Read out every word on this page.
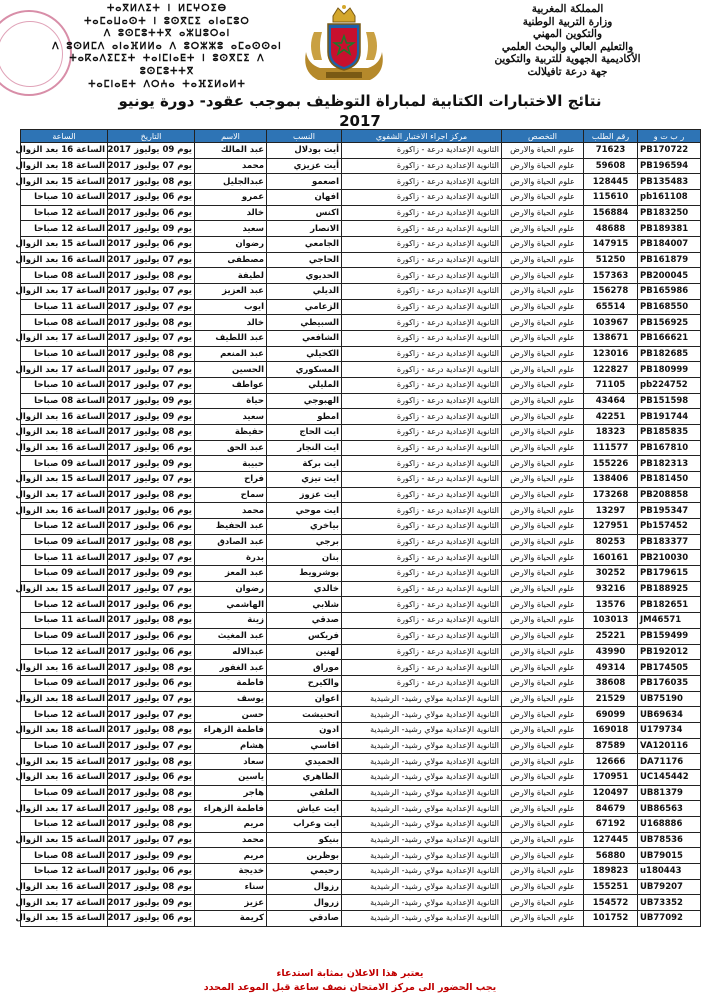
ⵜⴰⴳⵍⴷⵉⵜ ⵏ ⵍⵎⵖⵔⵉⴱ
ⵜⴰⵎⴰⵡⴰⵙⵜ ⵏ ⵓⵙⴳⵎⵉ ⴰⵏⴰⵎⵓⵔ
ⴷ ⵓⵙⵎⵓⵜⵜⴳ ⴰⵣⵡⵓⵔⴰⵏ
ⴷ ⵓⵙⵍⵎⴷ ⴰⵏⴰⴼⵍⵍⴰ ⴷ ⵓⵔⵣⵣⵓ ⴰⵎⴰⵙⵙⴰⵏ
ⵜⴰⴽⴰⴷⵉⵎⵉⵜ ⵜⴰⵏⵎⵏⴰⴹⵜ ⵏ ⵓⵙⴳⵎⵉ ⴷ ⵓⵙⵎⵓⵜⵜⴳ
ⵜⴰⵎⵏⴰⴹⵜ ⴷⵔⵄⴰ ⵜⴰⴼⵉⵍⴰⵍⵜ
المملكة المغربية
وزارة التربية الوطنية
والتكوين المهني
والتعليم العالي والبحث العلمي
الأكاديمية الجهوية للتربية والتكوين
جهة درعة تافيلالت
نتائج الاختبارات الكتابية لمباراة التوظيف بموجب عقود- دورة يونيو 2017
ر ب ت و	رقم الطلب	التخصص	مركز اجراء الاختبار الشفوي	النسب	الاسم	التاريخ	الساعة
PB170722	71623	علوم الحياة والارض	الثانوية الإعدادية درعة - زاكورة	أيت بودلال	عبد المالك	يوم 09 يوليوز 2017	الساعة 16 بعد الزوال
PB196594	59608	علوم الحياة والارض	الثانوية الإعدادية درعة - زاكورة	أيت عزيزي	محمد	يوم 07 يوليوز 2017	الساعة 18 بعد الزوال
PB135483	128445	علوم الحياة والارض	الثانوية الإعدادية درعة - زاكورة	اصعمو	عبدالجليل	يوم 08 يوليوز 2017	الساعة 15 بعد الزوال
pb161108	115610	علوم الحياة والارض	الثانوية الإعدادية درعة - زاكورة	افهان	عمرو	يوم 06 يوليوز 2017	الساعة 10 صباحا
PB183250	156884	علوم الحياة والارض	الثانوية الإعدادية درعة - زاكورة	اكنس	خالد	يوم 06 يوليوز 2017	الساعة 12 صباحا
PB189381	48688	علوم الحياة والارض	الثانوية الإعدادية درعة - زاكورة	الانصار	سعيد	يوم 09 يوليوز 2017	الساعة 12 صباحا
PB184007	147915	علوم الحياة والارض	الثانوية الإعدادية درعة - زاكورة	الجامعي	رضوان	يوم 06 يوليوز 2017	الساعة 15 بعد الزوال
PB161879	51250	علوم الحياة والارض	الثانوية الإعدادية درعة - زاكورة	الحاجي	مصطفى	يوم 07 يوليوز 2017	الساعة 16 بعد الزوال
PB200045	157363	علوم الحياة والارض	الثانوية الإعدادية درعة - زاكورة	الحديوي	لطيفة	يوم 08 يوليوز 2017	الساعة 08 صباحا
PB165986	156278	علوم الحياة والارض	الثانوية الإعدادية درعة - زاكورة	الديلي	عبد العزيز	يوم 07 يوليوز 2017	الساعة 17 بعد الزوال
PB168550	65514	علوم الحياة والارض	الثانوية الإعدادية درعة - زاكورة	الزعامي	ايوب	يوم 07 يوليوز 2017	الساعة 11 صباحا
PB156925	103967	علوم الحياة والارض	الثانوية الإعدادية درعة - زاكورة	السبيطي	خالد	يوم 08 يوليوز 2017	الساعة 08 صباحا
PB166621	138671	علوم الحياة والارض	الثانوية الإعدادية درعة - زاكورة	الشافعي	عبد اللطيف	يوم 07 يوليوز 2017	الساعة 17 بعد الزوال
PB182685	123016	علوم الحياة والارض	الثانوية الإعدادية درعة - زاكورة	الكحيلي	عبد المنعم	يوم 08 يوليوز 2017	الساعة 10 صباحا
PB180999	122827	علوم الحياة والارض	الثانوية الإعدادية درعة - زاكورة	المسكوري	الحسين	يوم 07 يوليوز 2017	الساعة 17 بعد الزوال
pb224752	71105	علوم الحياة والارض	الثانوية الإعدادية درعة - زاكورة	المليلي	عواطف	يوم 07 يوليوز 2017	الساعة 10 صباحا
PB151598	43464	علوم الحياة والارض	الثانوية الإعدادية درعة - زاكورة	الهبوجي	حياة	يوم 09 يوليوز 2017	الساعة 08 صباحا
PB191744	42251	علوم الحياة والارض	الثانوية الإعدادية درعة - زاكورة	امطو	سعيد	يوم 09 يوليوز 2017	الساعة 16 بعد الزوال
PB185835	18323	علوم الحياة والارض	الثانوية الإعدادية درعة - زاكورة	ايت الحاج	حفيظة	يوم 08 يوليوز 2017	الساعة 18 بعد الزوال
PB167810	111577	علوم الحياة والارض	الثانوية الإعدادية درعة - زاكورة	ايت النجار	عبد الحق	يوم 06 يوليوز 2017	الساعة 16 بعد الزوال
PB182313	155226	علوم الحياة والارض	الثانوية الإعدادية درعة - زاكورة	ايت بركة	حبيبة	يوم 09 يوليوز 2017	الساعة 09 صباحا
PB181450	138406	علوم الحياة والارض	الثانوية الإعدادية درعة - زاكورة	ايت تيزي	فراح	يوم 07 يوليوز 2017	الساعة 15 بعد الزوال
PB208858	173268	علوم الحياة والارض	الثانوية الإعدادية درعة - زاكورة	ايت عزوز	سماح	يوم 08 يوليوز 2017	الساعة 17 بعد الزوال
PB195347	13297	علوم الحياة والارض	الثانوية الإعدادية درعة - زاكورة	ايت موحي	محمد	يوم 06 يوليوز 2017	الساعة 16 بعد الزوال
Pb157452	127951	علوم الحياة والارض	الثانوية الإعدادية درعة - زاكورة	بياخري	عبد الحفيظ	يوم 06 يوليوز 2017	الساعة 12 صباحا
PB183377	80253	علوم الحياة والارض	الثانوية الإعدادية درعة - زاكورة	برجي	عبد الصادق	يوم 08 يوليوز 2017	الساعة 09 صباحا
PB210030	160161	علوم الحياة والارض	الثانوية الإعدادية درعة - زاكورة	بنان	بدرة	يوم 07 يوليوز 2017	الساعة 11 صباحا
PB179615	30252	علوم الحياة والارض	الثانوية الإعدادية درعة - زاكورة	بوشرويط	عبد المعز	يوم 09 يوليوز 2017	الساعة 09 صباحا
PB188925	93216	علوم الحياة والارض	الثانوية الإعدادية درعة - زاكورة	خالدي	رضوان	يوم 07 يوليوز 2017	الساعة 15 بعد الزوال
PB182651	13576	علوم الحياة والارض	الثانوية الإعدادية درعة - زاكورة	شلابي	الهاشمي	يوم 06 يوليوز 2017	الساعة 12 صباحا
JM46571	103013	علوم الحياة والارض	الثانوية الإعدادية درعة - زاكورة	صدقي	زينة	يوم 08 يوليوز 2017	الساعة 11 صباحا
PB159499	25221	علوم الحياة والارض	الثانوية الإعدادية درعة - زاكورة	فريكس	عبد المغيث	يوم 06 يوليوز 2017	الساعة 09 صباحا
PB192012	43990	علوم الحياة والارض	الثانوية الإعدادية درعة - زاكورة	لهنين	عبدالاله	يوم 06 يوليوز 2017	الساعة 12 صباحا
PB174505	49314	علوم الحياة والارض	الثانوية الإعدادية درعة - زاكورة	موراق	عبد الغفور	يوم 08 يوليوز 2017	الساعة 16 بعد الزوال
PB176035	38608	علوم الحياة والارض	الثانوية الإعدادية درعة - زاكورة	والكيرح	فاطمة	يوم 06 يوليوز 2017	الساعة 09 صباحا
UB75190	21529	علوم الحياة والارض	الثانوية الإعدادية مولاي رشيد- الرشيدية	اعوان	يوسف	يوم 07 يوليوز 2017	الساعة 18 بعد الزوال
UB69634	69099	علوم الحياة والارض	الثانوية الإعدادية مولاي رشيد- الرشيدية	اتحنيشت	حسن	يوم 07 يوليوز 2017	الساعة 12 صباحا
U179734	169018	علوم الحياة والارض	الثانوية الإعدادية مولاي رشيد- الرشيدية	ادون	فاطمة الزهراء	يوم 08 يوليوز 2017	الساعة 18 بعد الزوال
VA120116	87589	علوم الحياة والارض	الثانوية الإعدادية مولاي رشيد- الرشيدية	افاسي	هشام	يوم 07 يوليوز 2017	الساعة 10 صباحا
DA71176	12666	علوم الحياة والارض	الثانوية الإعدادية مولاي رشيد- الرشيدية	الحميدي	سعاد	يوم 08 يوليوز 2017	الساعة 15 بعد الزوال
UC145442	170951	علوم الحياة والارض	الثانوية الإعدادية مولاي رشيد- الرشيدية	الطاهري	ياسين	يوم 06 يوليوز 2017	الساعة 16 بعد الزوال
UB81379	120497	علوم الحياة والارض	الثانوية الإعدادية مولاي رشيد- الرشيدية	العلفي	هاجر	يوم 08 يوليوز 2017	الساعة 09 صباحا
UB86563	84679	علوم الحياة والارض	الثانوية الإعدادية مولاي رشيد- الرشيدية	ايت عياش	فاطمة الزهراء	يوم 08 يوليوز 2017	الساعة 17 بعد الزوال
U168886	67192	علوم الحياة والارض	الثانوية الإعدادية مولاي رشيد- الرشيدية	ايت وعراب	مريم	يوم 08 يوليوز 2017	الساعة 12 صباحا
UB78536	127445	علوم الحياة والارض	الثانوية الإعدادية مولاي رشيد- الرشيدية	بنيكو	محمد	يوم 07 يوليوز 2017	الساعة 15 بعد الزوال
UB79015	56880	علوم الحياة والارض	الثانوية الإعدادية مولاي رشيد- الرشيدية	بوظرين	مريم	يوم 09 يوليوز 2017	الساعة 08 صباحا
u180443	189823	علوم الحياة والارض	الثانوية الإعدادية مولاي رشيد- الرشيدية	رحيمي	خديجة	يوم 06 يوليوز 2017	الساعة 12 صباحا
UB79207	155251	علوم الحياة والارض	الثانوية الإعدادية مولاي رشيد- الرشيدية	رزوال	سناء	يوم 08 يوليوز 2017	الساعة 16 بعد الزوال
UB73352	154572	علوم الحياة والارض	الثانوية الإعدادية مولاي رشيد- الرشيدية	زروال	عزيز	يوم 09 يوليوز 2017	الساعة 17 بعد الزوال
UB77092	101752	علوم الحياة والارض	الثانوية الإعدادية مولاي رشيد- الرشيدية	صادقي	كريمة	يوم 06 يوليوز 2017	الساعة 15 بعد الزوال
يعتبر هذا الاعلان بمثابة استدعاء
يجب الحضور الى مركز الامتحان نصف ساعة قبل الموعد المحدد
